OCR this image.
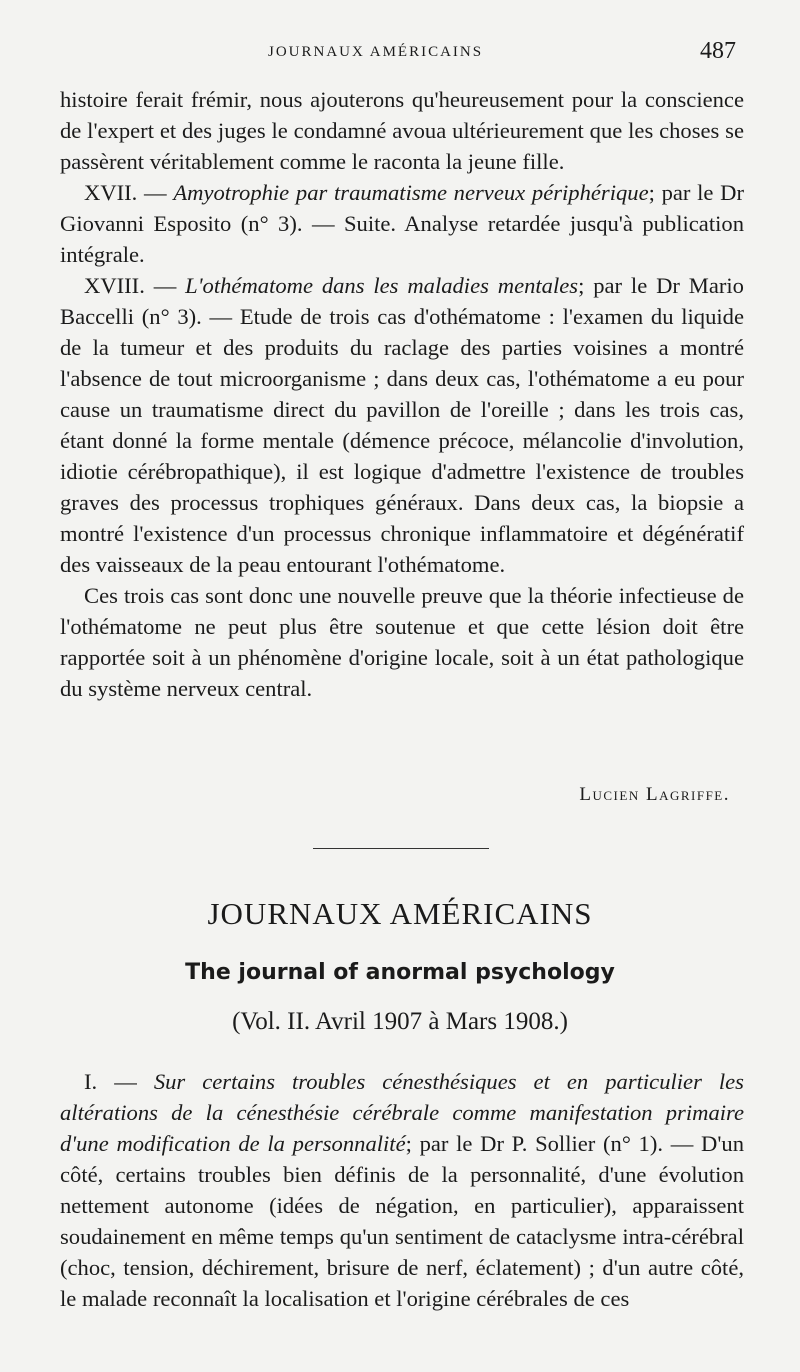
JOURNAUX AMÉRICAINS	487

histoire ferait frémir, nous ajouterons qu'heureusement pour la conscience de l'expert et des juges le condamné avoua ultérieurement que les choses se passèrent véritablement comme le raconta la jeune fille.

XVII. — Amyotrophie par traumatisme nerveux périphérique; par le Dr Giovanni Esposito (n° 3). — Suite. Analyse retardée jusqu'à publication intégrale.

XVIII. — L'othématome dans les maladies mentales; par le Dr Mario Baccelli (n° 3). — Etude de trois cas d'othématome : l'examen du liquide de la tumeur et des produits du raclage des parties voisines a montré l'absence de tout microorganisme ; dans deux cas, l'othématome a eu pour cause un traumatisme direct du pavillon de l'oreille ; dans les trois cas, étant donné la forme mentale (démence précoce, mélancolie d'involution, idiotie cérébropathique), il est logique d'admettre l'existence de troubles graves des processus trophiques généraux. Dans deux cas, la biopsie a montré l'existence d'un processus chronique inflammatoire et dégénératif des vaisseaux de la peau entourant l'othématome.

Ces trois cas sont donc une nouvelle preuve que la théorie infectieuse de l'othématome ne peut plus être soutenue et que cette lésion doit être rapportée soit à un phénomène d'origine locale, soit à un état pathologique du système nerveux central.

Lucien Lagriffe.
JOURNAUX AMÉRICAINS
The journal of anormal psychology
(Vol. II. Avril 1907 à Mars 1908.)

I. — Sur certains troubles cénesthésiques et en particulier les altérations de la cénesthésie cérébrale comme manifestation primaire d'une modification de la personnalité; par le Dr P. Sollier (n° 1). — D'un côté, certains troubles bien définis de la personnalité, d'une évolution nettement autonome (idées de négation, en particulier), apparaissent soudainement en même temps qu'un sentiment de cataclysme intra-cérébral (choc, tension, déchirement, brisure de nerf, éclatement) ; d'un autre côté, le malade reconnaît la localisation et l'origine cérébrales de ces
